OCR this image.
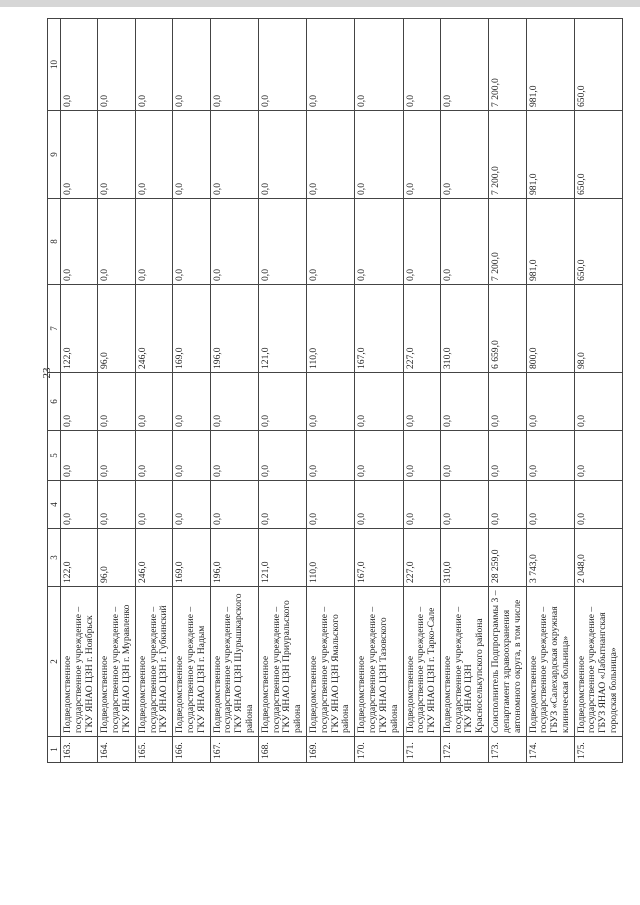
23
1	2	3	4	5	6	7	8	9	10
163.	Подведомственное государственное учреждение – ГКУ ЯНАО ЦЗН г. Ноябрьск	122,0	0,0	0,0	0,0	122,0	0,0	0,0	0,0
164.	Подведомственное государственное учреждение – ГКУ ЯНАО ЦЗН г. Муравленко	96,0	0,0	0,0	0,0	96,0	0,0	0,0	0,0
165.	Подведомственное государственное учреждение – ГКУ ЯНАО ЦЗН г. Губкинский	246,0	0,0	0,0	0,0	246,0	0,0	0,0	0,0
166.	Подведомственное государственное учреждение – ГКУ ЯНАО ЦЗН г. Надым	169,0	0,0	0,0	0,0	169,0	0,0	0,0	0,0
167.	Подведомственное государственное учреждение – ГКУ ЯНАО ЦЗН Шурышкарского района	196,0	0,0	0,0	0,0	196,0	0,0	0,0	0,0
168.	Подведомственное государственное учреждение – ГКУ ЯНАО ЦЗН Приуральского района	121,0	0,0	0,0	0,0	121,0	0,0	0,0	0,0
169.	Подведомственное государственное учреждение – ГКУ ЯНАО ЦЗН Ямальского района	110,0	0,0	0,0	0,0	110,0	0,0	0,0	0,0
170.	Подведомственное государственное учреждение – ГКУ ЯНАО ЦЗН Тазовского района	167,0	0,0	0,0	0,0	167,0	0,0	0,0	0,0
171.	Подведомственное государственное учреждение – ГКУ ЯНАО ЦЗН г. Тарко-Сале	227,0	0,0	0,0	0,0	227,0	0,0	0,0	0,0
172.	Подведомственное государственное учреждение – ГКУ ЯНАО ЦЗН Красноселькупского района	310,0	0,0	0,0	0,0	310,0	0,0	0,0	0,0
173.	Соисполнитель Подпрограммы 3 – департамент здравоохранения автономного округа, в том числе	28 259,0	0,0	0,0	0,0	6 659,0	7 200,0	7 200,0	7 200,0
174.	Подведомственное государственное учреждение – ГБУЗ «Салехардская окружная клиническая больница»	3 743,0	0,0	0,0	0,0	800,0	981,0	981,0	981,0
175.	Подведомственное государственное учреждение – ГБУЗ ЯНАО «Лабытнангская городская больница»	2 048,0	0,0	0,0	0,0	98,0	650,0	650,0	650,0
